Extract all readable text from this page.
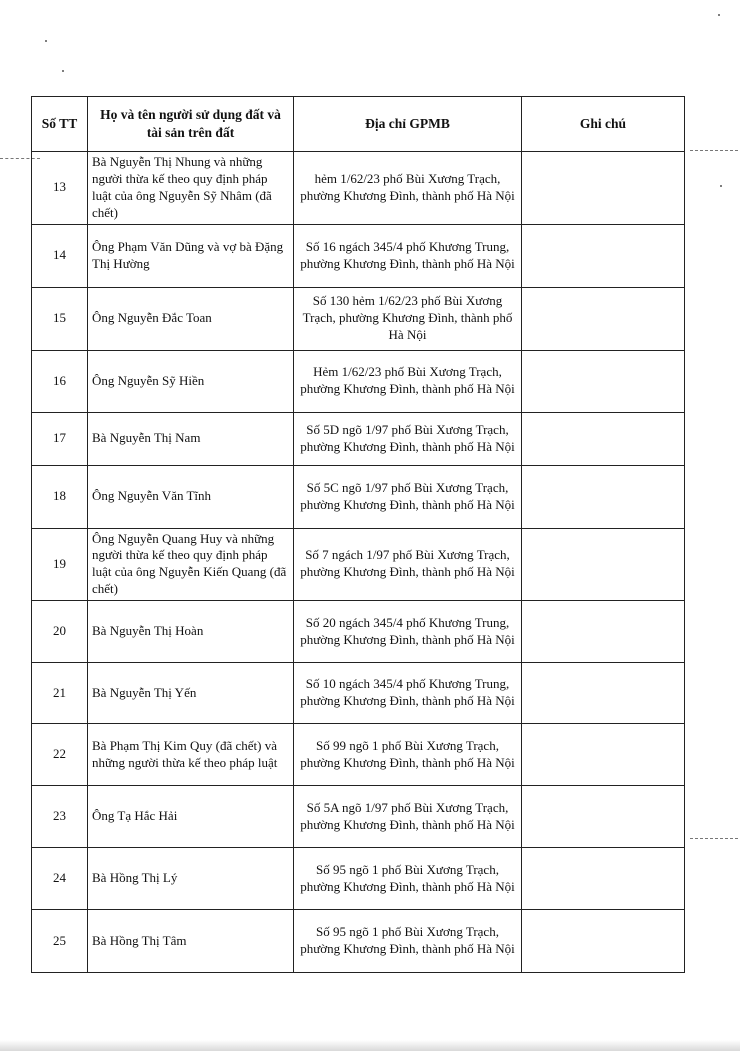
Số TT	Họ và tên người sử dụng đất và tài sản trên đất	Địa chỉ GPMB	Ghi chú
13	Bà Nguyễn Thị Nhung và những người thừa kế theo quy định pháp luật của ông Nguyễn Sỹ Nhâm (đã chết)	hẻm 1/62/23 phố Bùi Xương Trạch, phường Khương Đình, thành phố Hà Nội	
14	Ông Phạm Văn Dũng và vợ bà Đặng Thị Hường	Số 16 ngách 345/4 phố Khương Trung, phường Khương Đình, thành phố Hà Nội	
15	Ông Nguyễn Đắc Toan	Số 130 hẻm 1/62/23 phố Bùi Xương Trạch, phường Khương Đình, thành phố Hà Nội	
16	Ông Nguyễn Sỹ Hiền	Hẻm 1/62/23 phố Bùi Xương Trạch, phường Khương Đình, thành phố Hà Nội	
17	Bà Nguyễn Thị Nam	Số 5D ngõ 1/97 phố Bùi Xương Trạch, phường Khương Đình, thành phố Hà Nội	
18	Ông Nguyễn Văn Tĩnh	Số 5C ngõ 1/97 phố Bùi Xương Trạch, phường Khương Đình, thành phố Hà Nội	
19	Ông Nguyễn Quang Huy và những người thừa kế theo quy định pháp luật của ông Nguyễn Kiến Quang (đã chết)	Số 7 ngách 1/97 phố Bùi Xương Trạch, phường Khương Đình, thành phố Hà Nội	
20	Bà Nguyễn Thị Hoàn	Số 20 ngách 345/4 phố Khương Trung, phường Khương Đình, thành phố Hà Nội	
21	Bà Nguyễn Thị Yến	Số 10 ngách 345/4 phố Khương Trung, phường Khương Đình, thành phố Hà Nội	
22	Bà Phạm Thị Kim Quy (đã chết) và những người thừa kế theo pháp luật	Số 99 ngõ 1 phố Bùi Xương Trạch, phường Khương Đình, thành phố Hà Nội	
23	Ông Tạ Hắc Hải	Số 5A ngõ 1/97 phố Bùi Xương Trạch, phường Khương Đình, thành phố Hà Nội	
24	Bà Hồng Thị Lý	Số 95 ngõ 1 phố Bùi Xương Trạch, phường Khương Đình, thành phố Hà Nội	
25	Bà Hồng Thị Tâm	Số 95 ngõ 1 phố Bùi Xương Trạch, phường Khương Đình, thành phố Hà Nội	
